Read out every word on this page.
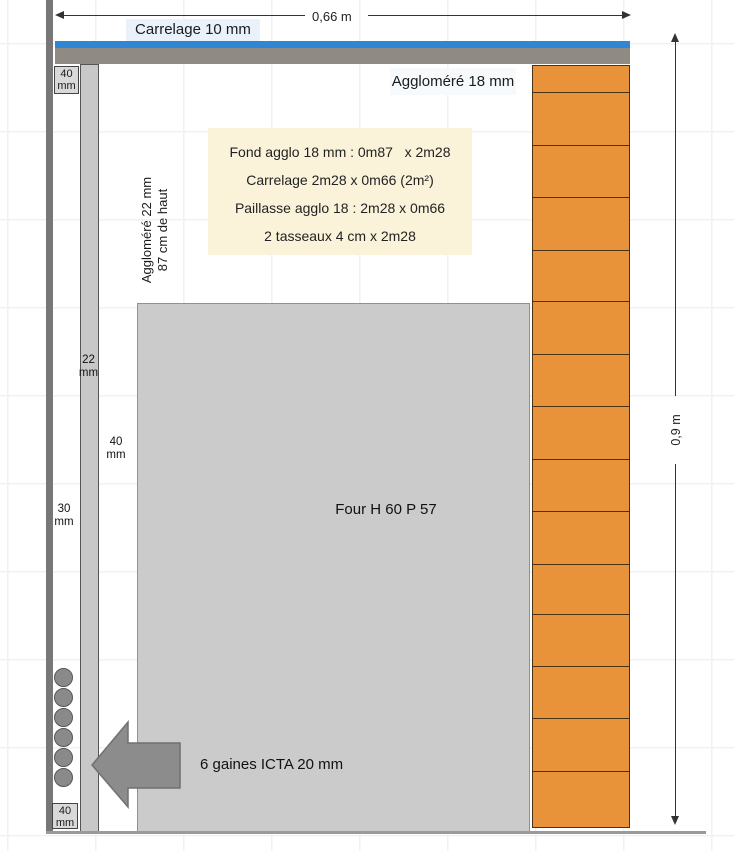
0,66 m
Carrelage 10 mm
Aggloméré 18 mm
40
mm
22
mm
40
mm
30
mm
Aggloméré 22 mm 87 cm de haut
Fond agglo 18 mm : 0m87   x 2m28
Carrelage 2m28 x 0m66 (2m²)
Paillasse agglo 18 : 2m28 x 0m66
2 tasseaux 4 cm x 2m28
Four H 60 P 57
0,9 m
6 gaines ICTA 20 mm
40
mm
